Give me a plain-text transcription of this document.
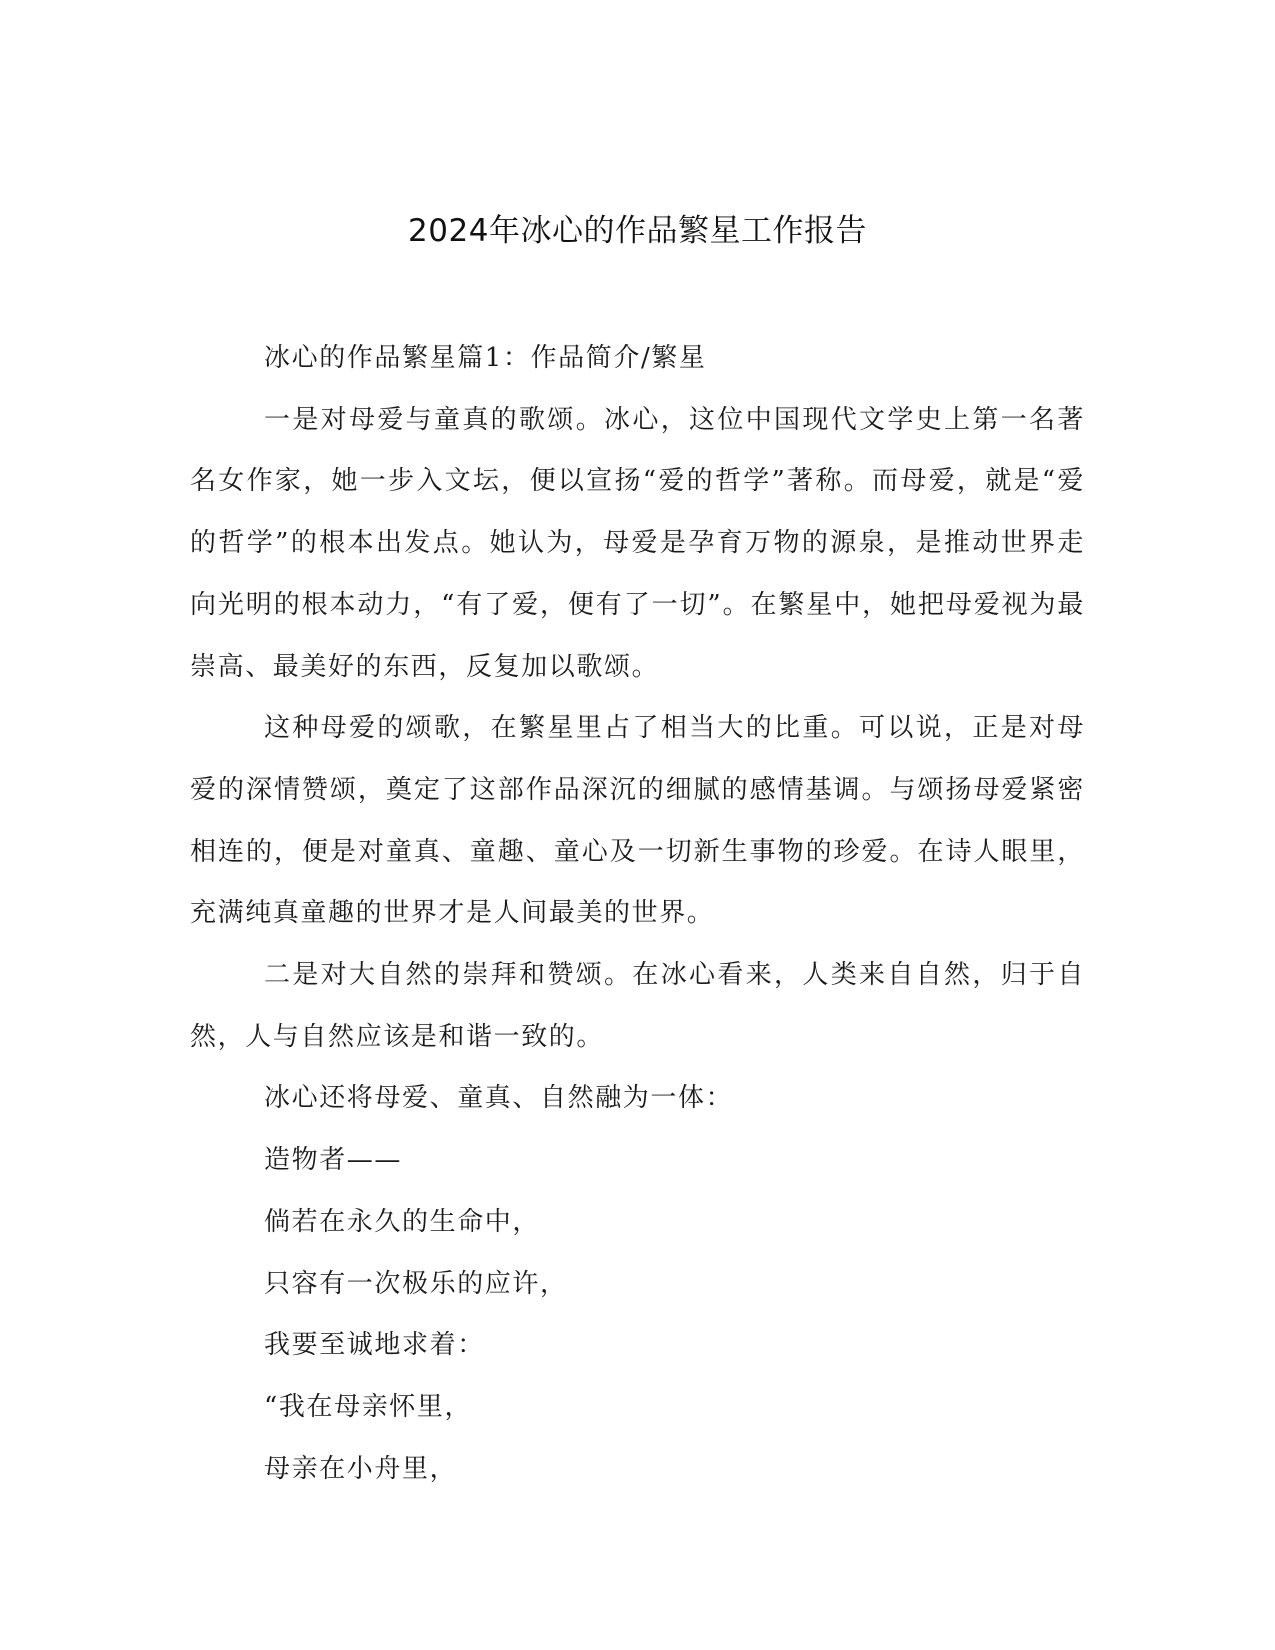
2024年冰心的作品繁星工作报告

冰心的作品繁星篇1：作品简介/繁星

一是对母爱与童真的歌颂。冰心，这位中国现代文学史上第一名著名女作家，她一步入文坛，便以宣扬“爱的哲学”著称。而母爱，就是“爱的哲学”的根本出发点。她认为，母爱是孕育万物的源泉，是推动世界走向光明的根本动力，“有了爱，便有了一切”。在繁星中，她把母爱视为最崇高、最美好的东西，反复加以歌颂。

这种母爱的颂歌，在繁星里占了相当大的比重。可以说，正是对母爱的深情赞颂，奠定了这部作品深沉的细腻的感情基调。与颂扬母爱紧密相连的，便是对童真、童趣、童心及一切新生事物的珍爱。在诗人眼里，充满纯真童趣的世界才是人间最美的世界。

二是对大自然的崇拜和赞颂。在冰心看来，人类来自自然，归于自然，人与自然应该是和谐一致的。

冰心还将母爱、童真、自然融为一体：

造物者——

倘若在永久的生命中，

只容有一次极乐的应许，

我要至诚地求着：

“我在母亲怀里，

母亲在小舟里，
